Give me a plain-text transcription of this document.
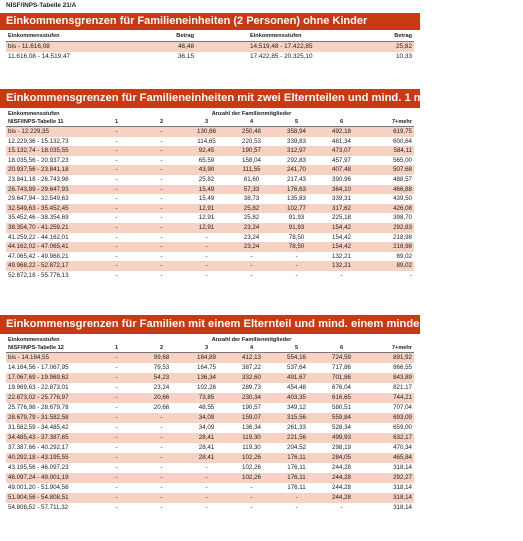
NISF/INPS-Tabelle 21/A
Einkommensgrenzen für Familieneinheiten (2 Personen) ohne Kinder
Einkommensstufen	Betrag	Einkommensstufen	Betrag
bis - 11.616,08	46,48	14.519,48 - 17.422,85	25,82
11.616,08 - 14.519,47	36,15	17.422,85 - 20.325,10	10,33
Einkommensgrenzen für Familieneinheiten mit zwei Elternteilen und mind. 1 minderjährigen Kind
Einkommensstufen	Anzahl der Familienmitglieder
NISF/INPS-Tabelle 11	1	2	3	4	5	6	7+mehr
bis - 12.229,35	-	-	130,66	250,48	358,94	492,18	619,75
12.229,36 - 15.132,73	-	-	114,65	220,53	339,83	481,34	600,64
15.132,74 - 18.035,55	-	-	92,45	190,57	312,97	473,07	584,11
18.035,56 - 20.937,23	-	-	65,59	158,04	292,83	457,97	565,00
20.937,56 - 23.841,18	-	-	43,90	111,55	241,70	407,48	507,68
23.841,18 - 26.743,98	-	-	25,82	81,60	217,43	390,96	488,57
26.743,99 - 29.647,93	-	-	15,49	57,33	176,63	364,10	466,88
29.647,94 - 32.549,63	-	-	15,49	38,73	135,83	339,31	439,50
32.549,63 - 35.452,45	-	-	12,91	25,82	102,77	317,62	426,08
35.452,46 - 38.354,69	-	-	12,91	25,82	91,93	225,18	398,70
38.354,70 - 41.259,21	-	-	12,91	23,24	91,93	154,42	292,83
41.259,22 - 44.162,01	-	-	-	23,24	78,50	154,42	218,98
44.162,02 - 47.065,41	-	-	-	23,24	78,50	154,42	218,98
47.065,42 - 49.968,21	-	-	-	-	-	132,21	89,02
49.968,22 - 52.872,17	-	-	-	-	-	132,21	89,02
52.872,18 - 55.776,13	-	-	-	-	-	-	-
Einkommensgrenzen für Familien mit einem Elternteil und mind. einem minderjährigen Kind
Einkommensstufen	Anzahl der Familienmitglieder
NISF/INPS-Tabelle 12	1	2	3	4	5	6	7+mehr
bis - 14.164,55	-	99,68	184,89	412,13	554,16	724,59	891,92
14.164,56 - 17.067,95	-	79,53	164,75	387,22	537,64	717,86	866,55
17.067,69 - 19.969,62	-	54,23	136,34	332,60	491,67	701,86	843,89
19.969,63 - 22.873,01	-	23,24	102,26	289,73	454,48	676,04	821,17
22.873,02 - 25.776,97	-	20,66	73,85	230,34	403,35	616,65	744,21
25.776,98 - 28.679,78	-	20,66	48,55	190,57	349,12	580,51	707,04
28.679,79 - 31.582,58	-	-	34,09	159,07	315,56	559,84	693,09
31.582,59 - 34.485,42	-	-	34,09	136,34	261,33	528,34	659,00
34.485,43 - 37.387,65	-	-	28,41	119,30	221,56	499,93	632,17
37.387,66 - 40.292,17	-	-	28,41	119,30	204,52	298,19	470,34
40.292,18 - 43.195,55	-	-	28,41	102,26	176,11	284,05	465,84
43.195,56 - 46.097,23	-	-	-	102,26	176,11	244,28	318,14
46.097,24 - 49.001,19	-	-	-	102,26	176,11	244,28	292,27
49.001,20 - 51.904,56	-	-	-	-	176,11	244,28	318,14
51.904,56 - 54.808,51	-	-	-	-	-	244,28	318,14
54.808,52 - 57.711,32	-	-	-	-	-	-	318,14
